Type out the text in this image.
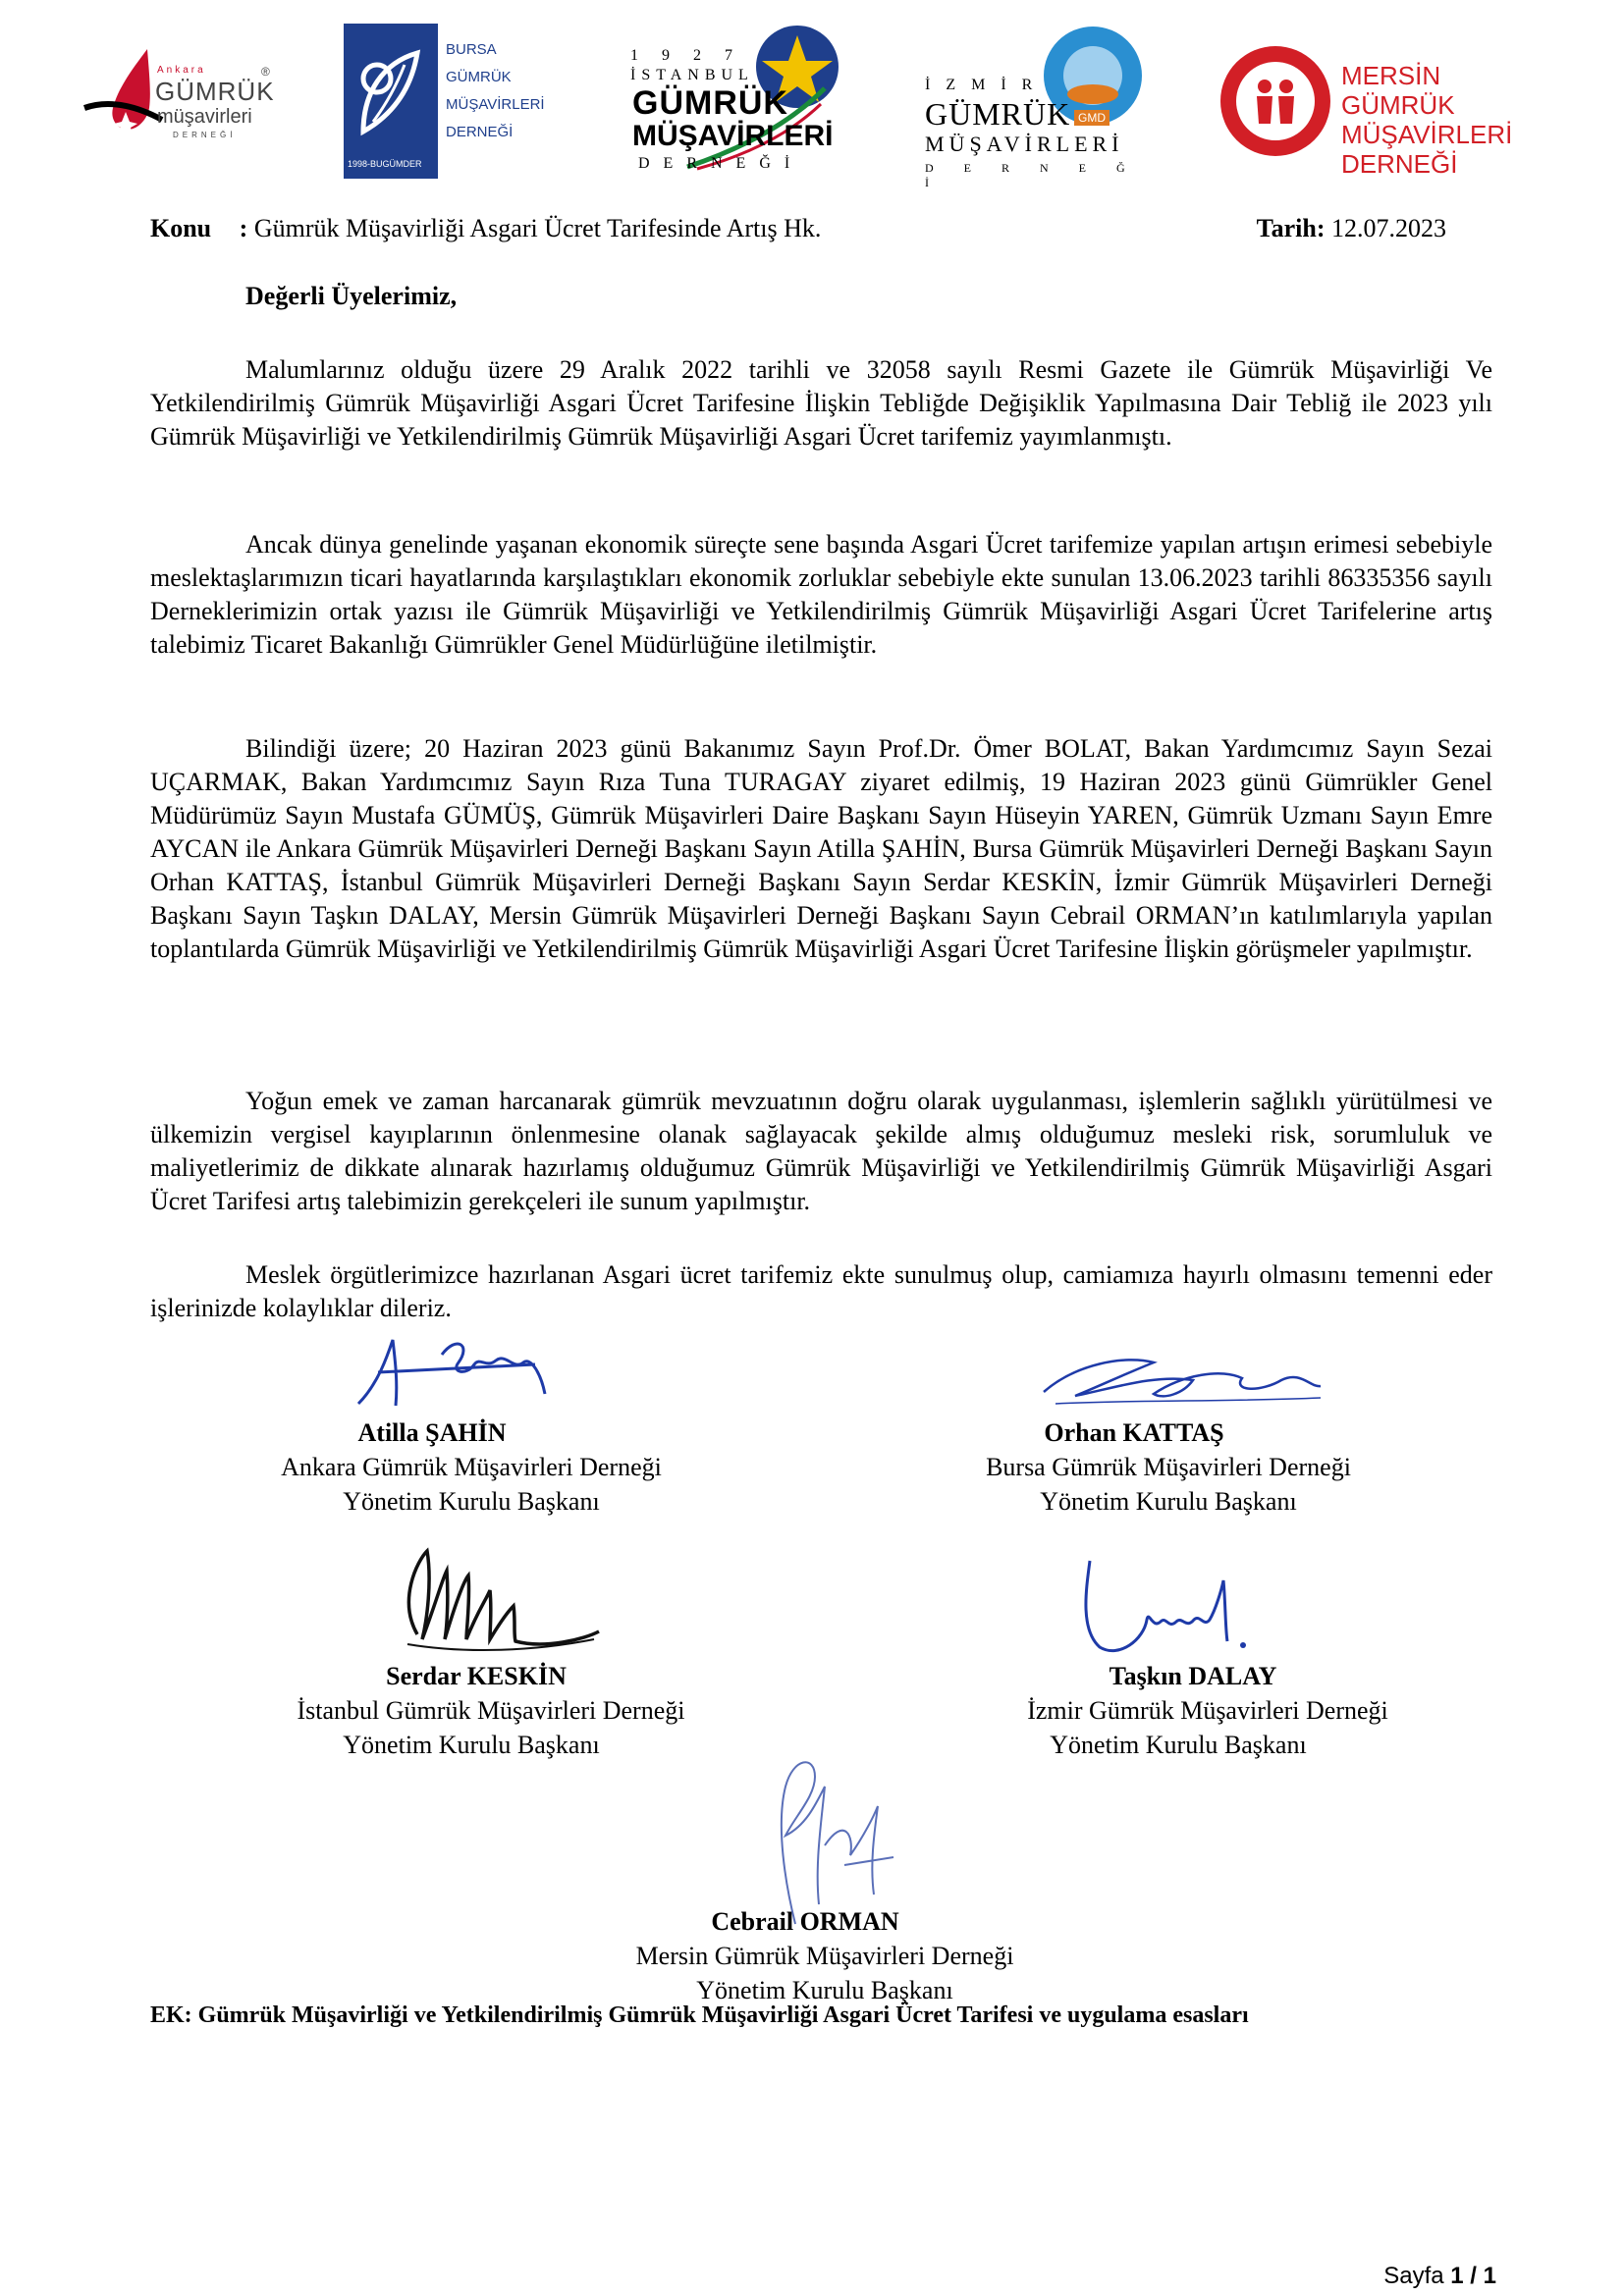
Ankara
GÜMRÜK
müşavirleri
DERNEĞİ
®
1998-BUGÜMDER
BURSA
GÜMRÜK
MÜŞAVİRLERİ
DERNEĞİ
1 9 2 7
İSTANBUL
GÜMRÜK
MÜŞAVİRLERİ
DERNEĞİ
GMD
İ Z M İ R
GÜMRÜK
MÜŞAVİRLERİ
D E R N E Ğ İ
MERSİN
GÜMRÜK
MÜŞAVİRLERİ
DERNEĞİ
Konu : Gümrük Müşavirliği Asgari Ücret Tarifesinde Artış Hk.	Tarih: 12.07.2023
Değerli Üyelerimiz,

Malumlarınız olduğu üzere 29 Aralık 2022 tarihli ve 32058 sayılı Resmi Gazete ile Gümrük Müşavirliği Ve Yetkilendirilmiş Gümrük Müşavirliği Asgari Ücret Tarifesine İlişkin Tebliğde Değişiklik Yapılmasına Dair Tebliğ ile 2023 yılı Gümrük Müşavirliği ve Yetkilendirilmiş Gümrük Müşavirliği Asgari Ücret tarifemiz yayımlanmıştı.

Ancak dünya genelinde yaşanan ekonomik süreçte sene başında Asgari Ücret tarifemize yapılan artışın erimesi sebebiyle meslektaşlarımızın ticari hayatlarında karşılaştıkları ekonomik zorluklar sebebiyle ekte sunulan 13.06.2023 tarihli 86335356 sayılı Derneklerimizin ortak yazısı ile Gümrük Müşavirliği ve Yetkilendirilmiş Gümrük Müşavirliği Asgari Ücret Tarifelerine artış talebimiz Ticaret Bakanlığı Gümrükler Genel Müdürlüğüne iletilmiştir.

Bilindiği üzere; 20 Haziran 2023 günü Bakanımız Sayın Prof.Dr. Ömer BOLAT, Bakan Yardımcımız Sayın Sezai UÇARMAK, Bakan Yardımcımız Sayın Rıza Tuna TURAGAY ziyaret edilmiş, 19 Haziran 2023 günü Gümrükler Genel Müdürümüz Sayın Mustafa GÜMÜŞ, Gümrük Müşavirleri Daire Başkanı Sayın Hüseyin YAREN, Gümrük Uzmanı Sayın Emre AYCAN ile Ankara Gümrük Müşavirleri Derneği Başkanı Sayın Atilla ŞAHİN, Bursa Gümrük Müşavirleri Derneği Başkanı Sayın Orhan KATTAŞ, İstanbul Gümrük Müşavirleri Derneği Başkanı Sayın Serdar KESKİN, İzmir Gümrük Müşavirleri Derneği Başkanı Sayın Taşkın DALAY, Mersin Gümrük Müşavirleri Derneği Başkanı Sayın Cebrail ORMAN’ın katılımlarıyla yapılan toplantılarda Gümrük Müşavirliği ve Yetkilendirilmiş Gümrük Müşavirliği Asgari Ücret Tarifesine İlişkin görüşmeler yapılmıştır.

Yoğun emek ve zaman harcanarak gümrük mevzuatının doğru olarak uygulanması, işlemlerin sağlıklı yürütülmesi ve ülkemizin vergisel kayıplarının önlenmesine olanak sağlayacak şekilde almış olduğumuz mesleki risk, sorumluluk ve maliyetlerimiz de dikkate alınarak hazırlamış olduğumuz Gümrük Müşavirliği ve Yetkilendirilmiş Gümrük Müşavirliği Asgari Ücret Tarifesi artış talebimizin gerekçeleri ile sunum yapılmıştır.

Meslek örgütlerimizce hazırlanan Asgari ücret tarifemiz ekte sunulmuş olup, camiamıza hayırlı olmasını temenni eder işlerinizde kolaylıklar dileriz.

Atilla ŞAHİN
Ankara Gümrük Müşavirleri Derneği
Yönetim Kurulu Başkanı
Orhan KATTAŞ
Bursa Gümrük Müşavirleri Derneği
Yönetim Kurulu Başkanı
Serdar KESKİN
İstanbul Gümrük Müşavirleri Derneği
Yönetim Kurulu Başkanı
Taşkın DALAY
İzmir Gümrük Müşavirleri Derneği
Yönetim Kurulu Başkanı
Cebrail ORMAN
Mersin Gümrük Müşavirleri Derneği
Yönetim Kurulu Başkanı
EK: Gümrük Müşavirliği ve Yetkilendirilmiş Gümrük Müşavirliği Asgari Ücret Tarifesi ve uygulama esasları
Sayfa 1 / 1
